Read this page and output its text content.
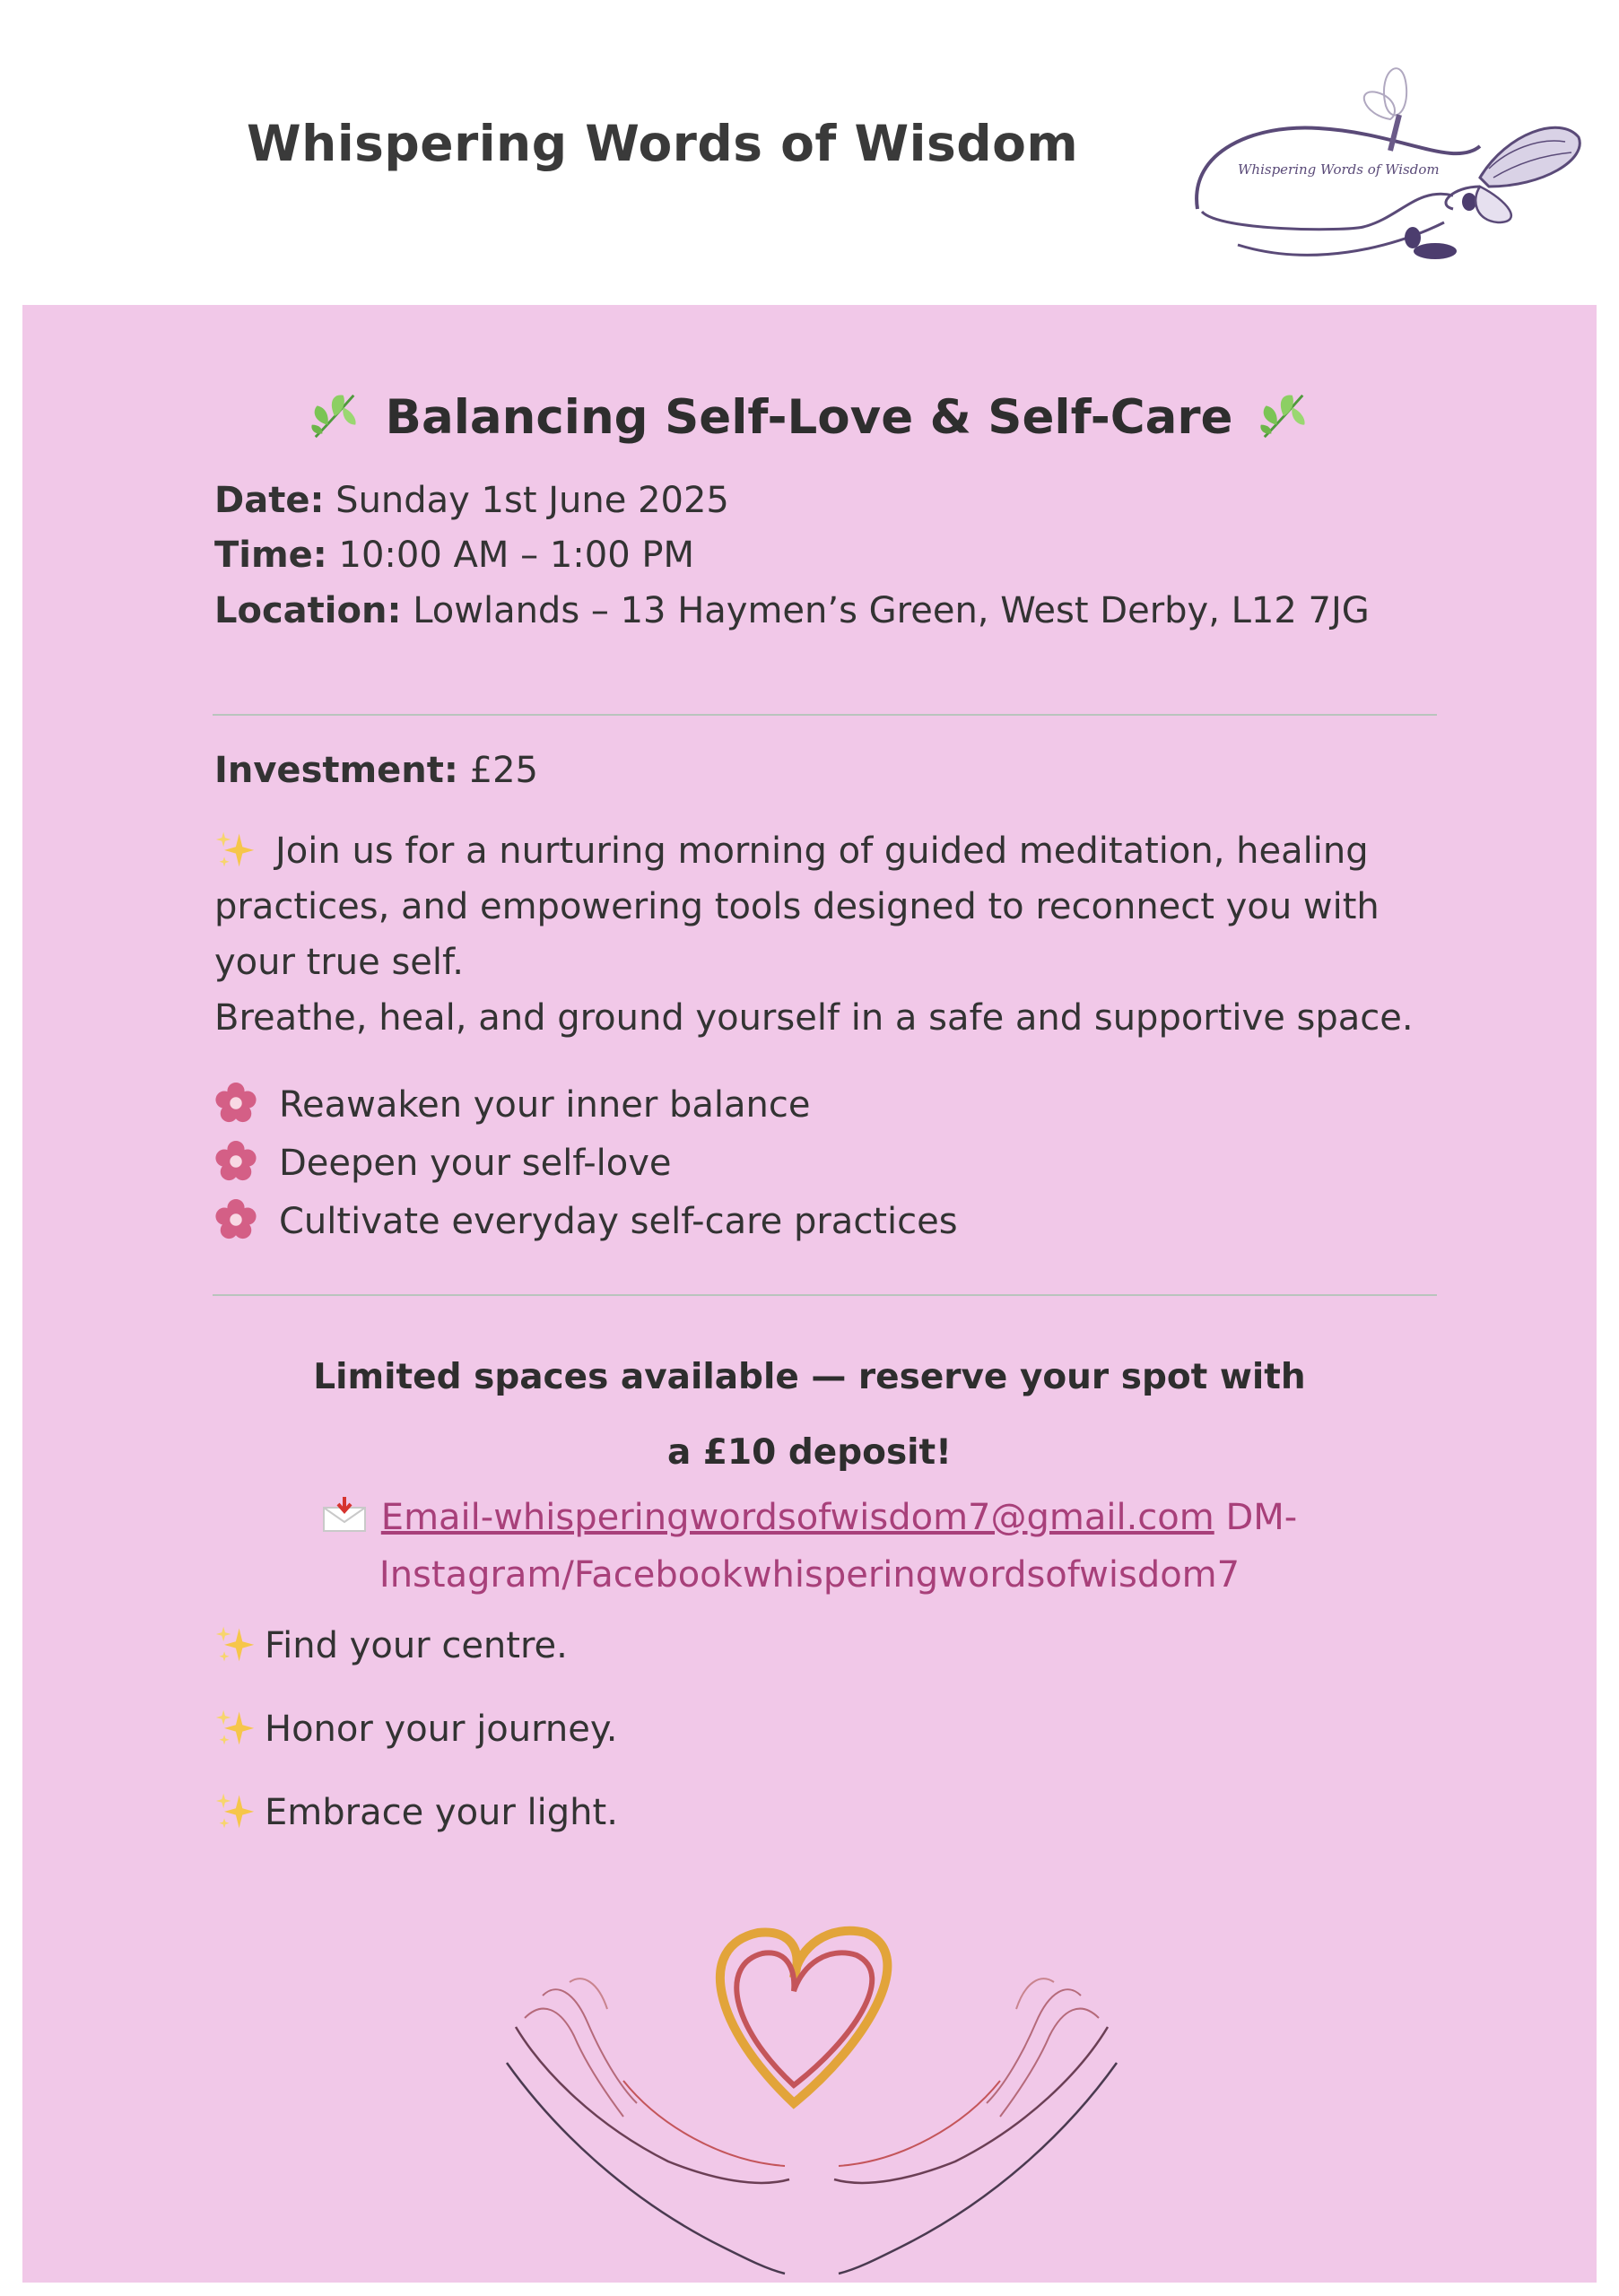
Whispering Words of Wisdom	Whispering Words of Wisdom
Balancing Self-Love & Self-Care
Date: Sunday 1st June 2025
Time: 10:00 AM – 1:00 PM
Location: Lowlands – 13 Haymen’s Green, West Derby, L12 7JG
Investment: £25
Join us for a nurturing morning of guided meditation, healing
practices, and empowering tools designed to reconnect you with
your true self.
Breathe, heal, and ground yourself in a safe and supportive space.
Reawaken your inner balance
Deepen your self-love
Cultivate everyday self-care practices
Limited spaces available — reserve your spot with
a £10 deposit!
Email-whisperingwordsofwisdom7@gmail.com DM-
Instagram/Facebookwhisperingwordsofwisdom7
Find your centre.
Honor your journey.
Embrace your light.
